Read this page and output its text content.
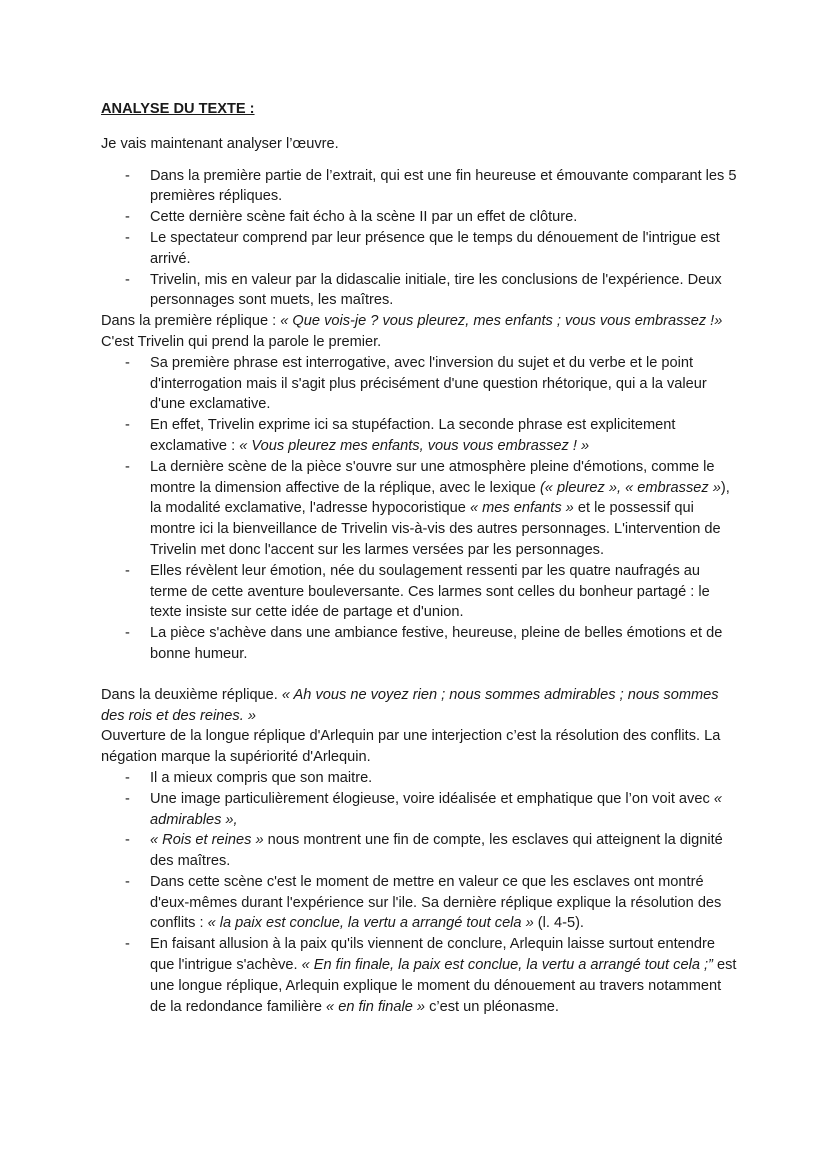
ANALYSE DU TEXTE :

Je vais maintenant analyser l’œuvre.

- Dans la première partie de l’extrait, qui est une fin heureuse et émouvante comparant les 5 premières répliques.
- Cette dernière scène fait écho à la scène II par un effet de clôture.
- Le spectateur comprend par leur présence que le temps du dénouement de l'intrigue est arrivé.
- Trivelin, mis en valeur par la didascalie initiale, tire les conclusions de l'expérience. Deux personnages sont muets, les maîtres.

Dans la première réplique : « Que vois-je ? vous pleurez, mes enfants ; vous vous embrassez !» C'est Trivelin qui prend la parole le premier.

- Sa première phrase est interrogative, avec l'inversion du sujet et du verbe et le point d'interrogation mais il s'agit plus précisément d'une question rhétorique, qui a la valeur d'une exclamative.
- En effet, Trivelin exprime ici sa stupéfaction. La seconde phrase est explicitement exclamative : « Vous pleurez mes enfants, vous vous embrassez ! »
- La dernière scène de la pièce s'ouvre sur une atmosphère pleine d'émotions, comme le montre la dimension affective de la réplique, avec le lexique (« pleurez », « embrassez »), la modalité exclamative, l'adresse hypocoristique « mes enfants » et le possessif qui montre ici la bienveillance de Trivelin vis-à-vis des autres personnages. L'intervention de Trivelin met donc l'accent sur les larmes versées par les personnages.
- Elles révèlent leur émotion, née du soulagement ressenti par les quatre naufragés au terme de cette aventure bouleversante. Ces larmes sont celles du bonheur partagé : le texte insiste sur cette idée de partage et d'union.
- La pièce s'achève dans une ambiance festive, heureuse, pleine de belles émotions et de bonne humeur.

Dans la deuxième réplique. « Ah vous ne voyez rien ; nous sommes admirables ; nous sommes des rois et des reines. »

Ouverture de la longue réplique d'Arlequin par une interjection c’est la résolution des conflits. La négation marque la supériorité d'Arlequin.

- Il a mieux compris que son maitre.
- Une image particulièrement élogieuse, voire idéalisée et emphatique que l’on voit avec « admirables »,
- « Rois et reines » nous montrent une fin de compte, les esclaves qui atteignent la dignité des maîtres.
- Dans cette scène c'est le moment de mettre en valeur ce que les esclaves ont montré d'eux-mêmes durant l'expérience sur l'ile. Sa dernière réplique explique la résolution des conflits : « la paix est conclue, la vertu a arrangé tout cela » (l. 4-5).
- En faisant allusion à la paix qu'ils viennent de conclure, Arlequin laisse surtout entendre que l'intrigue s'achève. « En fin finale, la paix est conclue, la vertu a arrangé tout cela ;” est une longue réplique, Arlequin explique le moment du dénouement au travers notamment de la redondance familière « en fin finale » c’est un pléonasme.
